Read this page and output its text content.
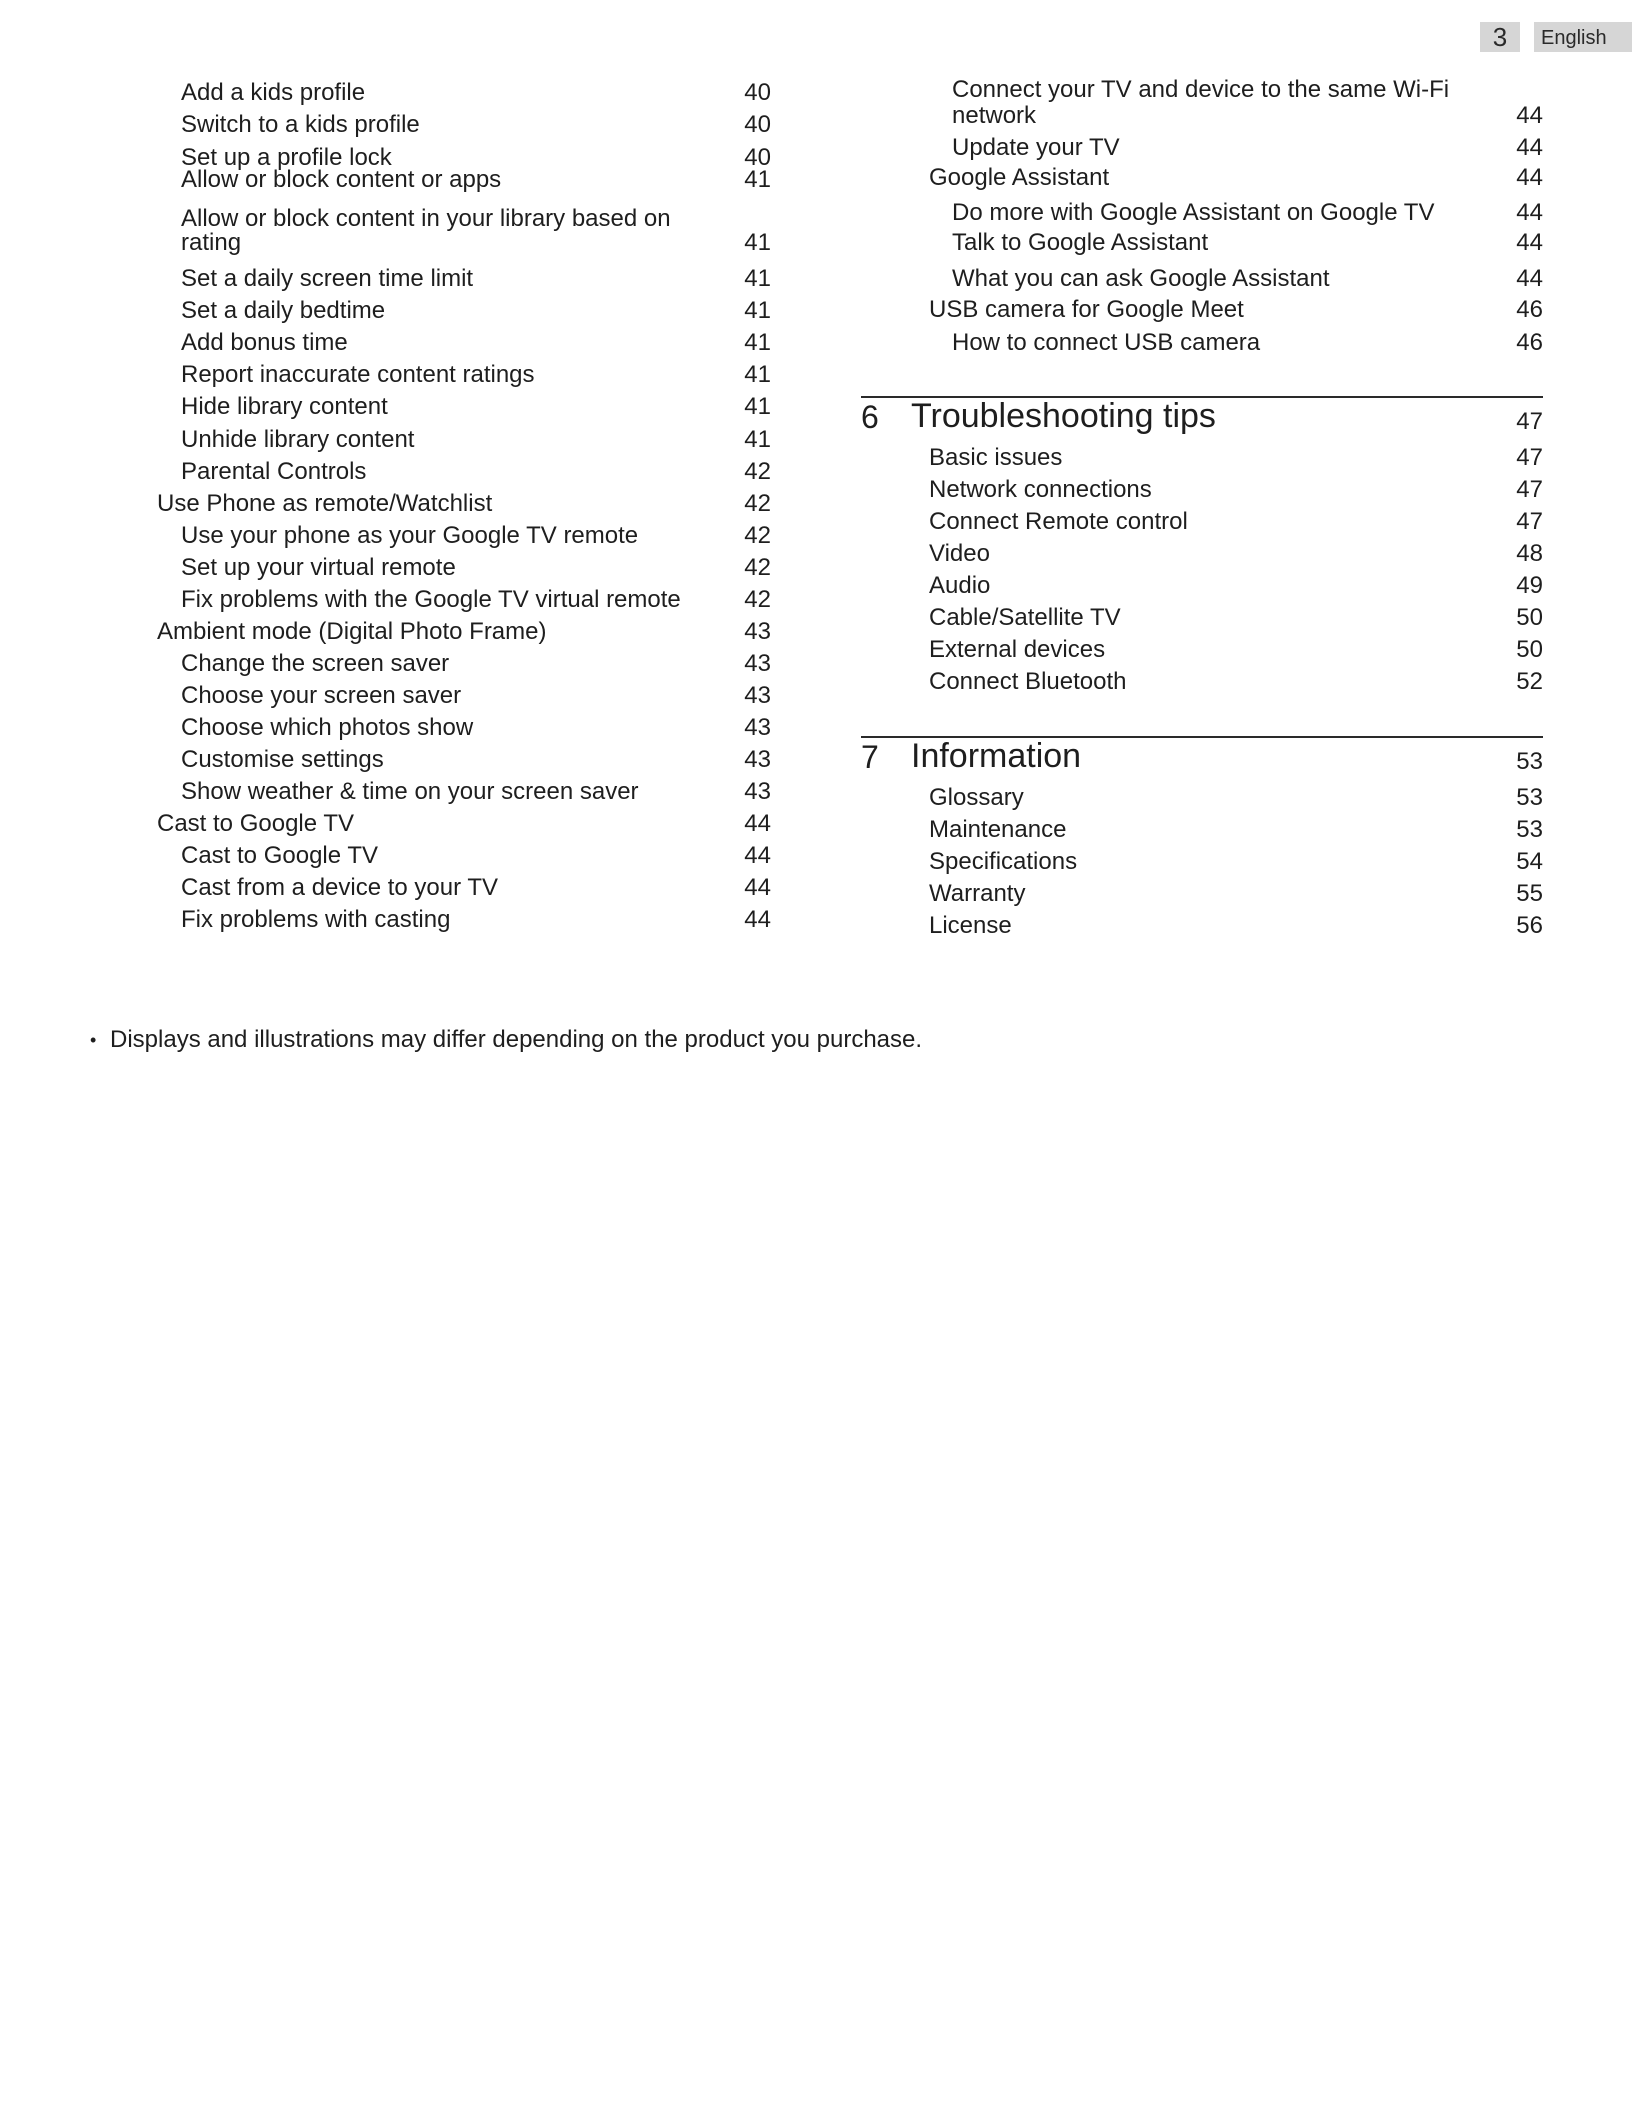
3	English
Add a kids profile	40
Switch to a kids profile	40
Set up a profile lock	40
Allow or block content or apps	41
Allow or block content in your library based on
rating	41
Set a daily screen time limit	41
Set a daily bedtime	41
Add bonus time	41
Report inaccurate content ratings	41
Hide library content	41
Unhide library content	41
Parental Controls	42
Use Phone as remote/Watchlist	42
Use your phone as your Google TV remote	42
Set up your virtual remote	42
Fix problems with the Google TV virtual remote	42
Ambient mode (Digital Photo Frame)	43
Change the screen saver	43
Choose your screen saver	43
Choose which photos show	43
Customise settings	43
Show weather & time on your screen saver	43
Cast to Google TV	44
Cast to Google TV	44
Cast from a device to your TV	44
Fix problems with casting	44
Connect your TV and device to the same Wi-Fi
network	44
Update your TV	44
Google Assistant	44
Do more with Google Assistant on Google TV	44
Talk to Google Assistant	44
What you can ask Google Assistant	44
USB camera for Google Meet	46
How to connect USB camera	46
6 Troubleshooting tips	47
Basic issues	47
Network connections	47
Connect Remote control	47
Video	48
Audio	49
Cable/Satellite TV	50
External devices	50
Connect Bluetooth	52
7 Information	53
Glossary	53
Maintenance	53
Specifications	54
Warranty	55
License	56
• Displays and illustrations may differ depending on the product you purchase.
